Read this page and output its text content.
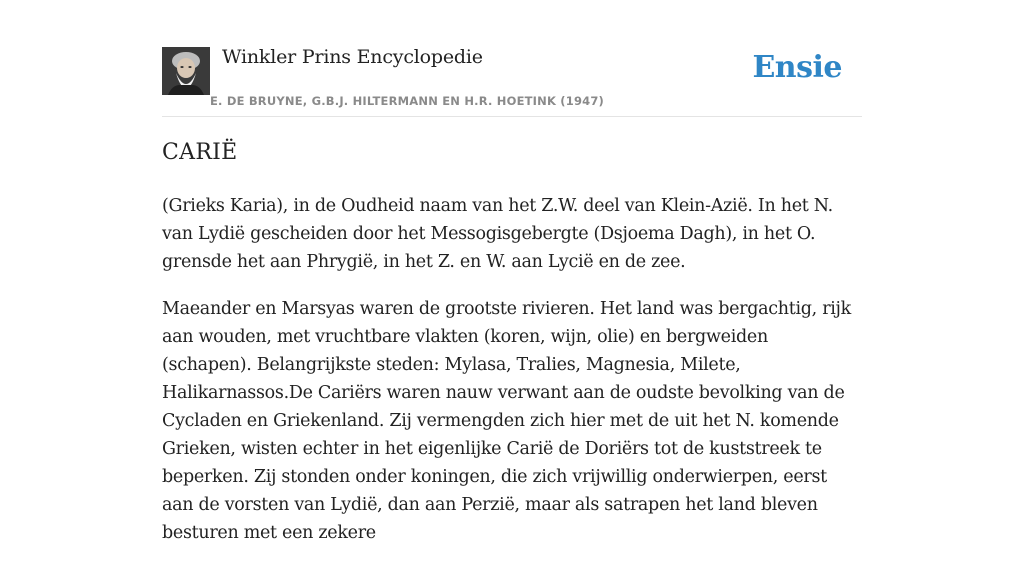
Winkler Prins Encyclopedie
E. DE BRUYNE, G.B.J. HILTERMANN EN H.R. HOETINK (1947)
Ensie
CARIË

(Grieks Karia), in de Oudheid naam van het Z.W. deel van Klein-Azië. In het N. van Lydië gescheiden door het Messogisgebergte (Dsjoema Dagh), in het O. grensde het aan Phrygië, in het Z. en W. aan Lycië en de zee.

Maeander en Marsyas waren de grootste rivieren. Het land was bergachtig, rijk aan wouden, met vruchtbare vlakten (koren, wijn, olie) en bergweiden (schapen). Belangrijkste steden: Mylasa, Tralies, Magnesia, Milete, Halikarnassos.De Cariërs waren nauw verwant aan de oudste bevolking van de Cycladen en Griekenland. Zij vermengden zich hier met de uit het N. komende Grieken, wisten echter in het eigenlijke Carië de Doriërs tot de kuststreek te beperken. Zij stonden onder koningen, die zich vrijwillig onderwierpen, eerst aan de vorsten van Lydië, dan aan Perzië, maar als satrapen het land bleven besturen met een zekere
